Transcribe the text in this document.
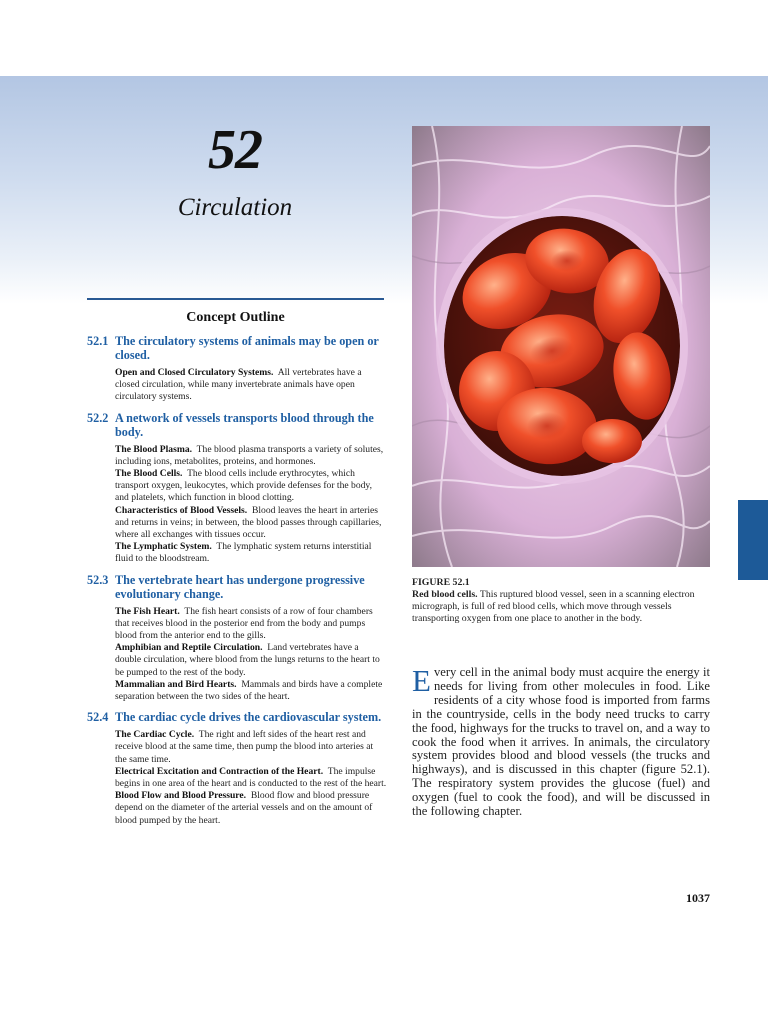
52
Circulation
Concept Outline
52.1 The circulatory systems of animals may be open or closed.
Open and Closed Circulatory Systems. All vertebrates have a closed circulation, while many invertebrate animals have open circulatory systems.
52.2 A network of vessels transports blood through the body.
The Blood Plasma. The blood plasma transports a variety of solutes, including ions, metabolites, proteins, and hormones.
The Blood Cells. The blood cells include erythrocytes, which transport oxygen, leukocytes, which provide defenses for the body, and platelets, which function in blood clotting.
Characteristics of Blood Vessels. Blood leaves the heart in arteries and returns in veins; in between, the blood passes through capillaries, where all exchanges with tissues occur.
The Lymphatic System. The lymphatic system returns interstitial fluid to the bloodstream.
52.3 The vertebrate heart has undergone progressive evolutionary change.
The Fish Heart. The fish heart consists of a row of four chambers that receives blood in the posterior end from the body and pumps blood from the anterior end to the gills.
Amphibian and Reptile Circulation. Land vertebrates have a double circulation, where blood from the lungs returns to the heart to be pumped to the rest of the body.
Mammalian and Bird Hearts. Mammals and birds have a complete separation between the two sides of the heart.
52.4 The cardiac cycle drives the cardiovascular system.
The Cardiac Cycle. The right and left sides of the heart rest and receive blood at the same time, then pump the blood into arteries at the same time.
Electrical Excitation and Contraction of the Heart. The impulse begins in one area of the heart and is conducted to the rest of the heart.
Blood Flow and Blood Pressure. Blood flow and blood pressure depend on the diameter of the arterial vessels and on the amount of blood pumped by the heart.
FIGURE 52.1
Red blood cells. This ruptured blood vessel, seen in a scanning electron micrograph, is full of red blood cells, which move through vessels transporting oxygen from one place to another in the body.
Every cell in the animal body must acquire the energy it needs for living from other molecules in food. Like residents of a city whose food is imported from farms in the countryside, cells in the body need trucks to carry the food, highways for the trucks to travel on, and a way to cook the food when it arrives. In animals, the circulatory system provides blood and blood vessels (the trucks and highways), and is discussed in this chapter (figure 52.1). The respiratory system provides the glucose (fuel) and oxygen (fuel to cook the food), and will be discussed in the following chapter.
1037
